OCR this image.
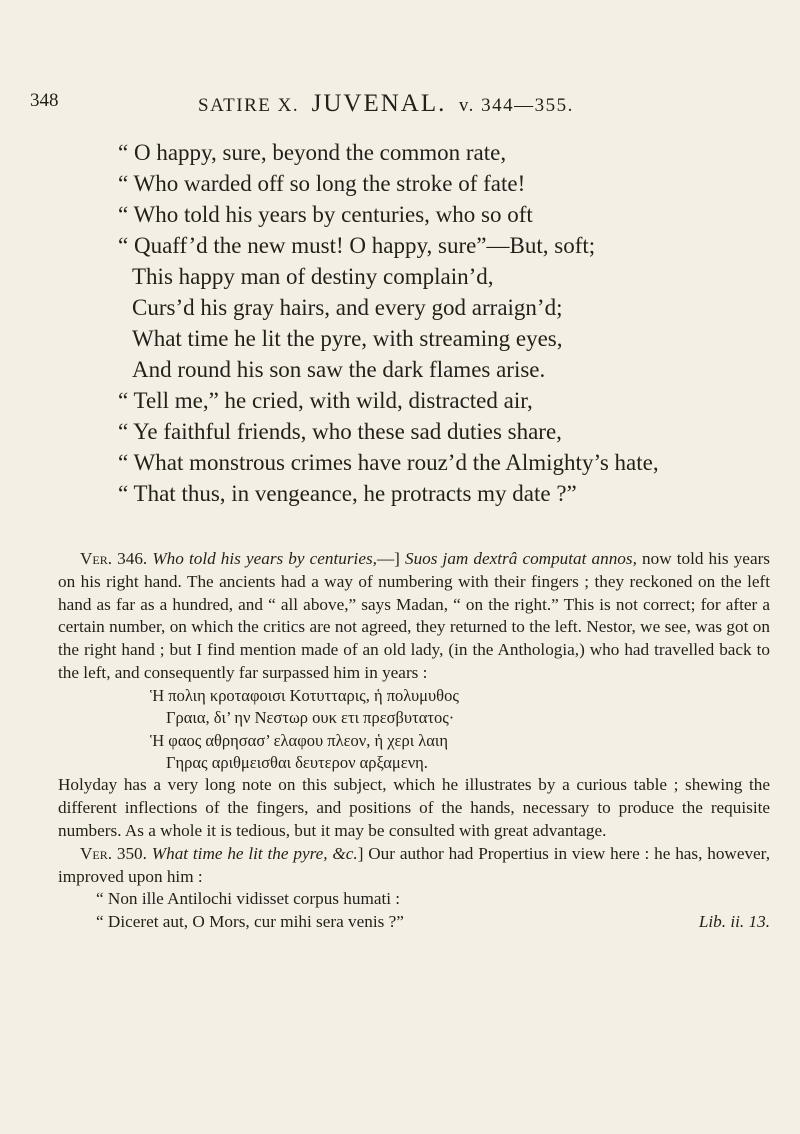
348	SATIRE X. JUVENAL. v. 344—355.
“ O happy, sure, beyond the common rate,
“ Who warded off so long the stroke of fate!
“ Who told his years by centuries, who so oft
“ Quaff’d the new must! O happy, sure”—But, soft;
This happy man of destiny complain’d,
Curs’d his gray hairs, and every god arraign’d;
What time he lit the pyre, with streaming eyes,
And round his son saw the dark flames arise.
“ Tell me,” he cried, with wild, distracted air,
“ Ye faithful friends, who these sad duties share,
“ What monstrous crimes have rouz’d the Almighty’s hate,
“ That thus, in vengeance, he protracts my date ?”

Ver. 346. Who told his years by centuries,—] Suos jam dextrâ computat annos, now told his years on his right hand. The ancients had a way of numbering with their fingers ; they reckoned on the left hand as far as a hundred, and “ all above,” says Madan, “ on the right.” This is not correct; for after a certain number, on which the critics are not agreed, they returned to the left. Nestor, we see, was got on the right hand ; but I find mention made of an old lady, (in the Anthologia,) who had travelled back to the left, and consequently far surpassed him in years :

Ἡ πολιη κροταφοισι Κοτυτταρις, ἡ πολυμυθος
Γραια, δι’ ην Νεστωρ ουκ ετι πρεσβυτατος·
Ἡ φαος αθρησασ’ ελαφου πλεον, ἡ χερι λαιη
Γηρας αριθμεισθαι δευτερον αρξαμενη.

Holyday has a very long note on this subject, which he illustrates by a curious table ; shewing the different inflections of the fingers, and positions of the hands, necessary to produce the requisite numbers. As a whole it is tedious, but it may be consulted with great advantage.

Ver. 350. What time he lit the pyre, &c.] Our author had Propertius in view here : he has, however, improved upon him :

“ Non ille Antilochi vidisset corpus humati :
“ Diceret aut, O Mors, cur mihi sera venis ?”	Lib. ii. 13.
